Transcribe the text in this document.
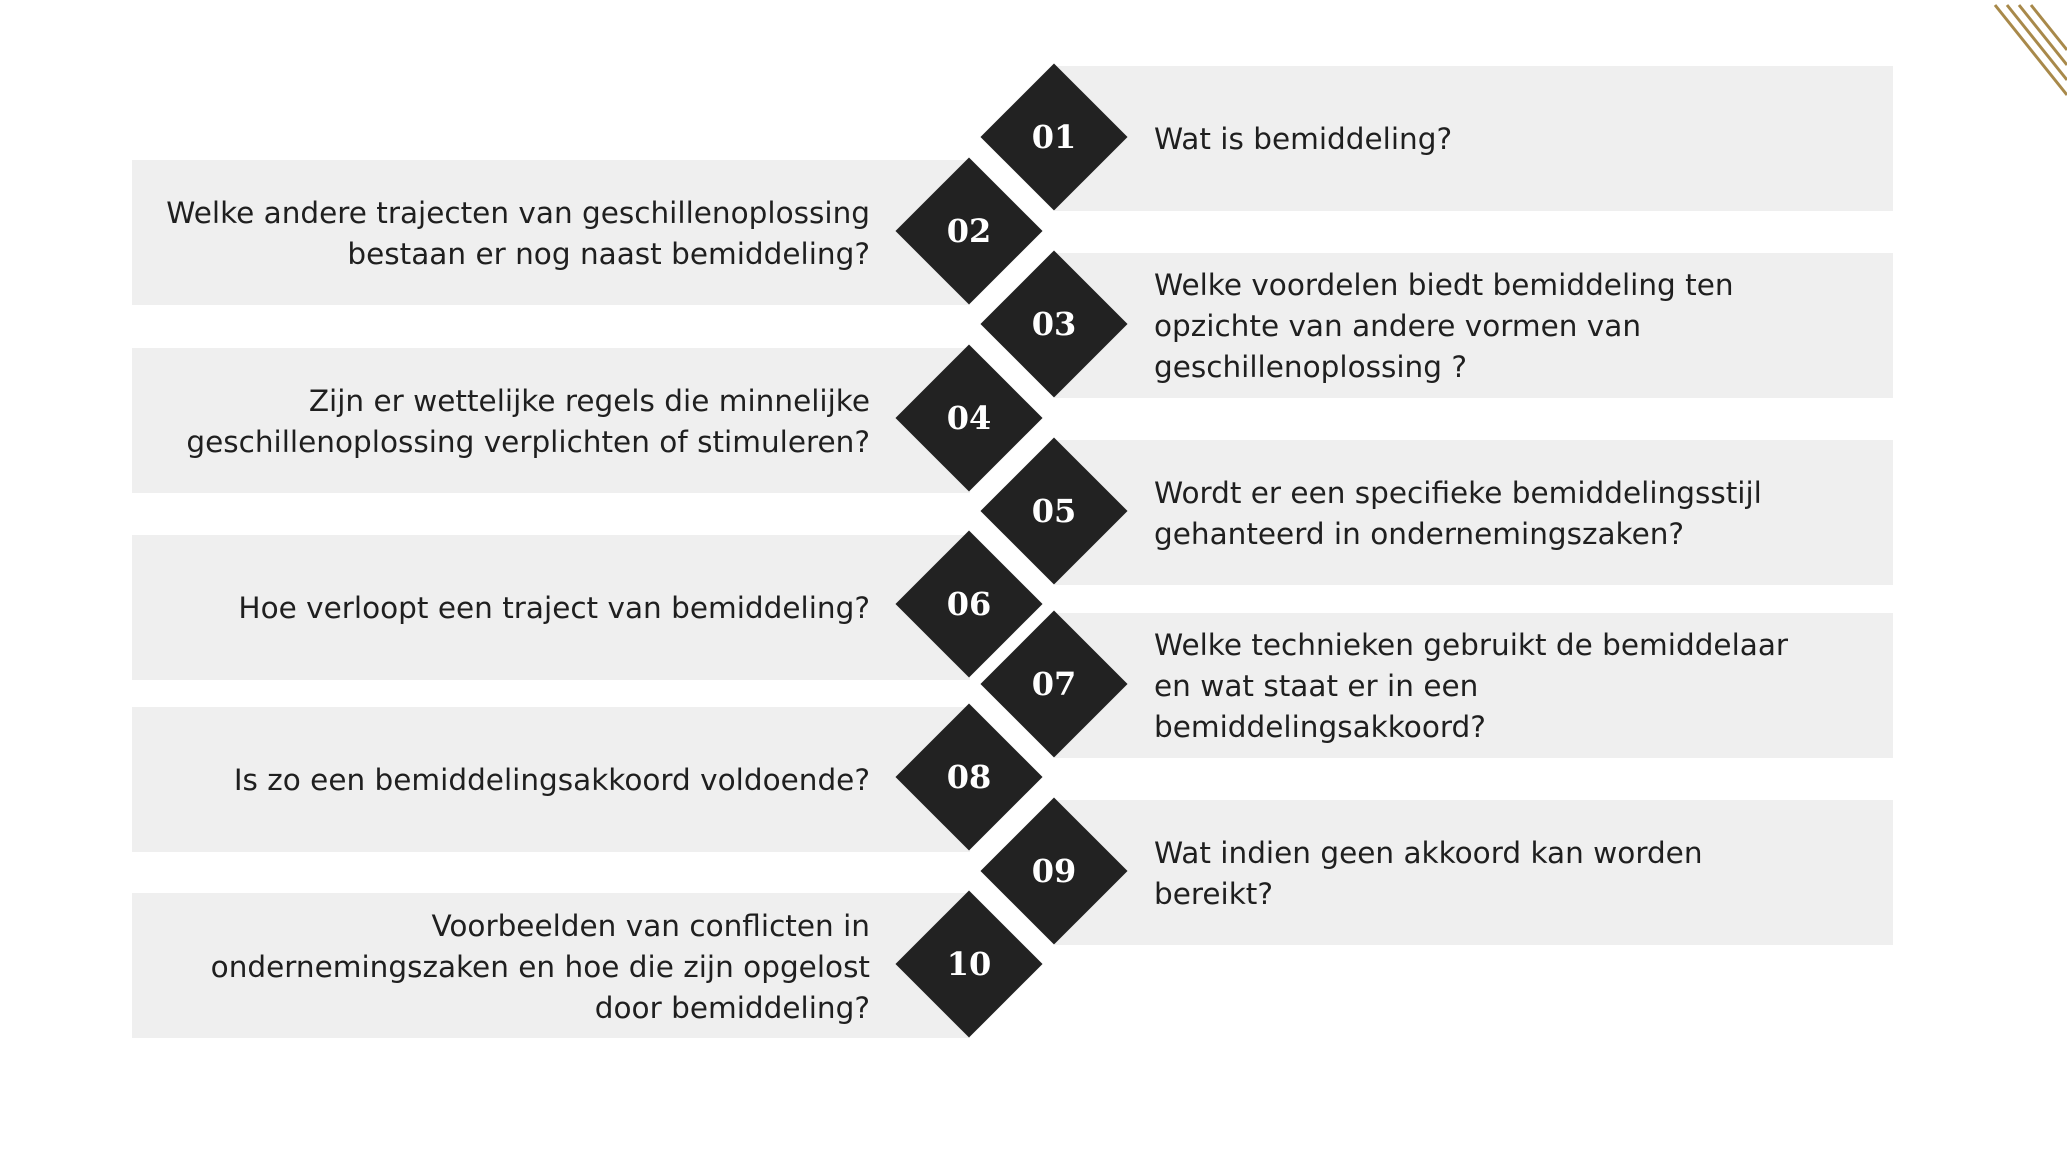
Wat is bemiddeling?
Welke andere trajecten van geschillenoplossing
bestaan er nog naast bemiddeling?
Welke voordelen biedt bemiddeling ten
opzichte van andere vormen van
geschillenoplossing ?
Zijn er wettelijke regels die minnelijke
geschillenoplossing verplichten of stimuleren?
Wordt er een specifieke bemiddelingsstijl
gehanteerd in ondernemingszaken?
Hoe verloopt een traject van bemiddeling?
Welke technieken gebruikt de bemiddelaar
en wat staat er in een bemiddelingsakkoord?
Is zo een bemiddelingsakkoord voldoende?
Wat indien geen akkoord kan worden
bereikt?
Voorbeelden van conflicten in
ondernemingszaken en hoe die zijn opgelost
door bemiddeling?
01
02
03
04
05
06
07
08
09
10
